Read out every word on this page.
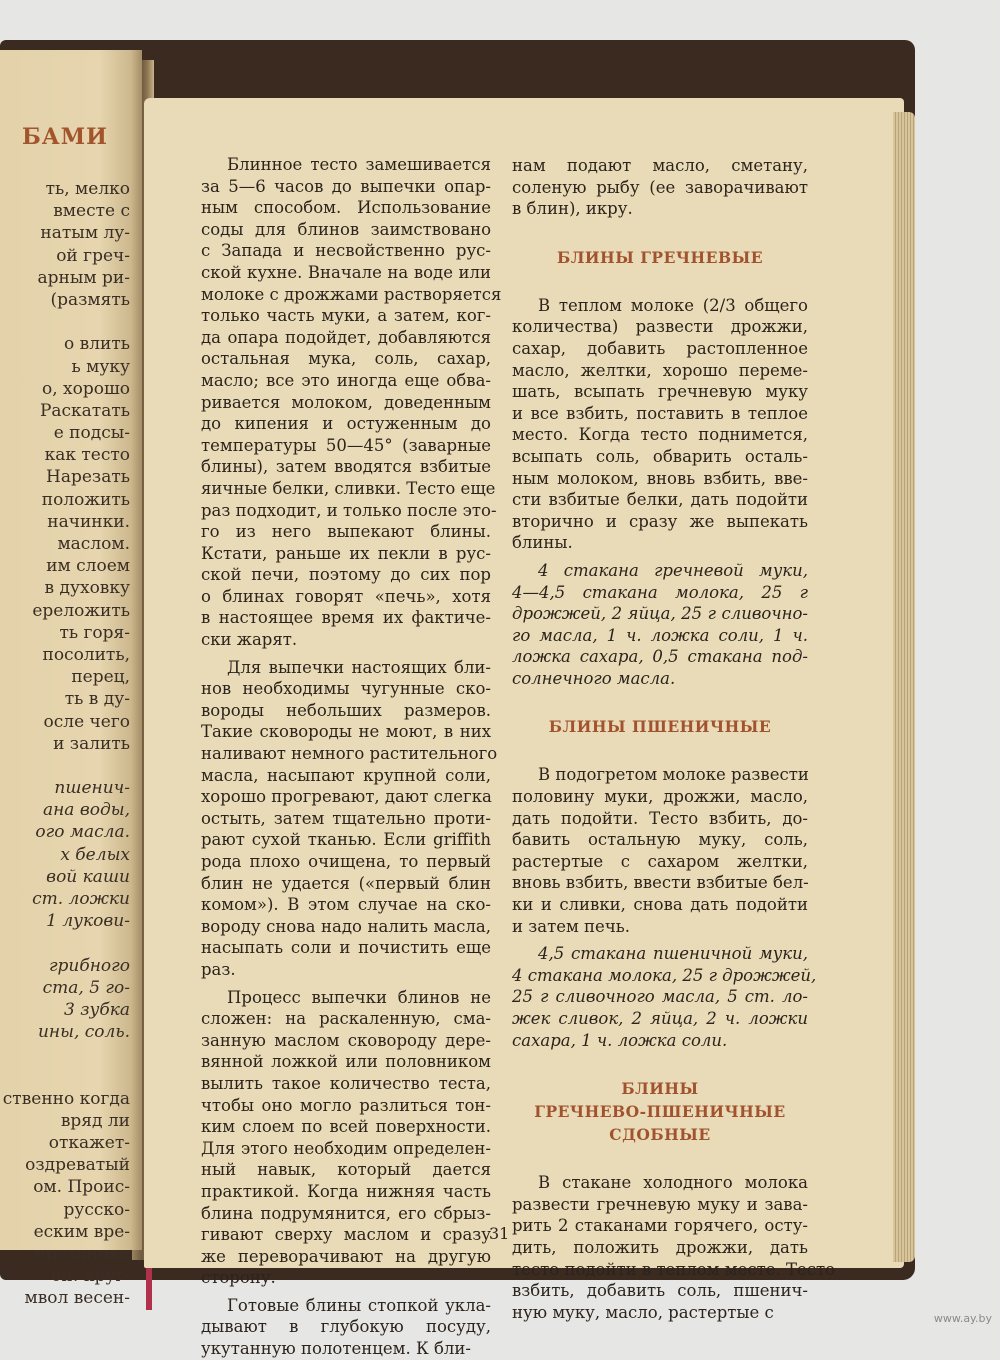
БАМИ
ть, мелко
вместе с
натым лу-
ой греч-
арным ри-
(размять
о влить
ь муку
о, хорошо
Раскатать
е подсы-
как тесто
Нарезать
положить
начинки.
маслом.
им слоем
в духовку
ереложить
ть горя-
посолить,
перец,
ть в ду-
осле чего
и залить
пшенич-
ана воды,
ого масла.
х белых
вой каши
ст. ложки
1 лукови-
грибного
ста, 5 го-
3 зубка
ины, соль.
ственно когда
вряд ли
откажет-
оздреватый
ом. Проис-
русско-
еским вре-
праздника
ой: круг-
мвол весен-
Блинное тесто замешивается
за 5—6 часов до выпечки опар-
ным способом. Использование
соды для блинов заимствовано
с Запада и несвойственно рус-
ской кухне. Вначале на воде или
молоке с дрожжами растворяется
только часть муки, а затем, ког-
да опара подойдет, добавляются
остальная мука, соль, сахар,
масло; все это иногда еще обва-
ривается молоком, доведенным
до кипения и остуженным до
температуры 50—45° (заварные
блины), затем вводятся взбитые
яичные белки, сливки. Тесто еще
раз подходит, и только после это-
го из него выпекают блины.
Кстати, раньше их пекли в рус-
ской печи, поэтому до сих пор
о блинах говорят «печь», хотя
в настоящее время их фактиче-
ски жарят.
Для выпечки настоящих бли-
нов необходимы чугунные ско-
вороды небольших размеров.
Такие сковороды не моют, в них
наливают немного растительного
масла, насыпают крупной соли,
хорошо прогревают, дают слегка
остыть, затем тщательно проти-
рают сухой тканью. Если griffith
рода плохо очищена, то первый
блин не удается («первый блин
комом»). В этом случае на ско-
вороду снова надо налить масла,
насыпать соли и почистить еще
раз.
Процесс выпечки блинов не
сложен: на раскаленную, сма-
занную маслом сковороду дере-
вянной ложкой или половником
вылить такое количество теста,
чтобы оно могло разлиться тон-
ким слоем по всей поверхности.
Для этого необходим определен-
ный навык, который дается
практикой. Когда нижняя часть
блина подрумянится, его сбрыз-
гивают сверху маслом и сразу
же переворачивают на другую
сторону.
Готовые блины стопкой укла-
дывают в глубокую посуду,
укутанную полотенцем. К бли-
нам подают масло, сметану,
соленую рыбу (ее заворачивают
в блин), икру.
БЛИНЫ ГРЕЧНЕВЫЕ
В теплом молоке (2/3 общего
количества) развести дрожжи,
сахар, добавить растопленное
масло, желтки, хорошо переме-
шать, всыпать гречневую муку
и все взбить, поставить в теплое
место. Когда тесто поднимется,
всыпать соль, обварить осталь-
ным молоком, вновь взбить, вве-
сти взбитые белки, дать подойти
вторично и сразу же выпекать
блины.
4 стакана гречневой муки,
4—4,5 стакана молока, 25 г
дрожжей, 2 яйца, 25 г сливочно-
го масла, 1 ч. ложка соли, 1 ч.
ложка сахара, 0,5 стакана под-
солнечного масла.
БЛИНЫ ПШЕНИЧНЫЕ
В подогретом молоке развести
половину муки, дрожжи, масло,
дать подойти. Тесто взбить, до-
бавить остальную муку, соль,
растертые с сахаром желтки,
вновь взбить, ввести взбитые бел-
ки и сливки, снова дать подойти
и затем печь.
4,5 стакана пшеничной муки,
4 стакана молока, 25 г дрожжей,
25 г сливочного масла, 5 ст. ло-
жек сливок, 2 яйца, 2 ч. ложки
сахара, 1 ч. ложка соли.
БЛИНЫ
ГРЕЧНЕВО-ПШЕНИЧНЫЕ
СДОБНЫЕ
В стакане холодного молока
развести гречневую муку и зава-
рить 2 стаканами горячего, осту-
дить, положить дрожжи, дать
тесто подойти в теплом месте. Тесто
взбить, добавить соль, пшенич-
ную муку, масло, растертые с
31
www.ay.by
